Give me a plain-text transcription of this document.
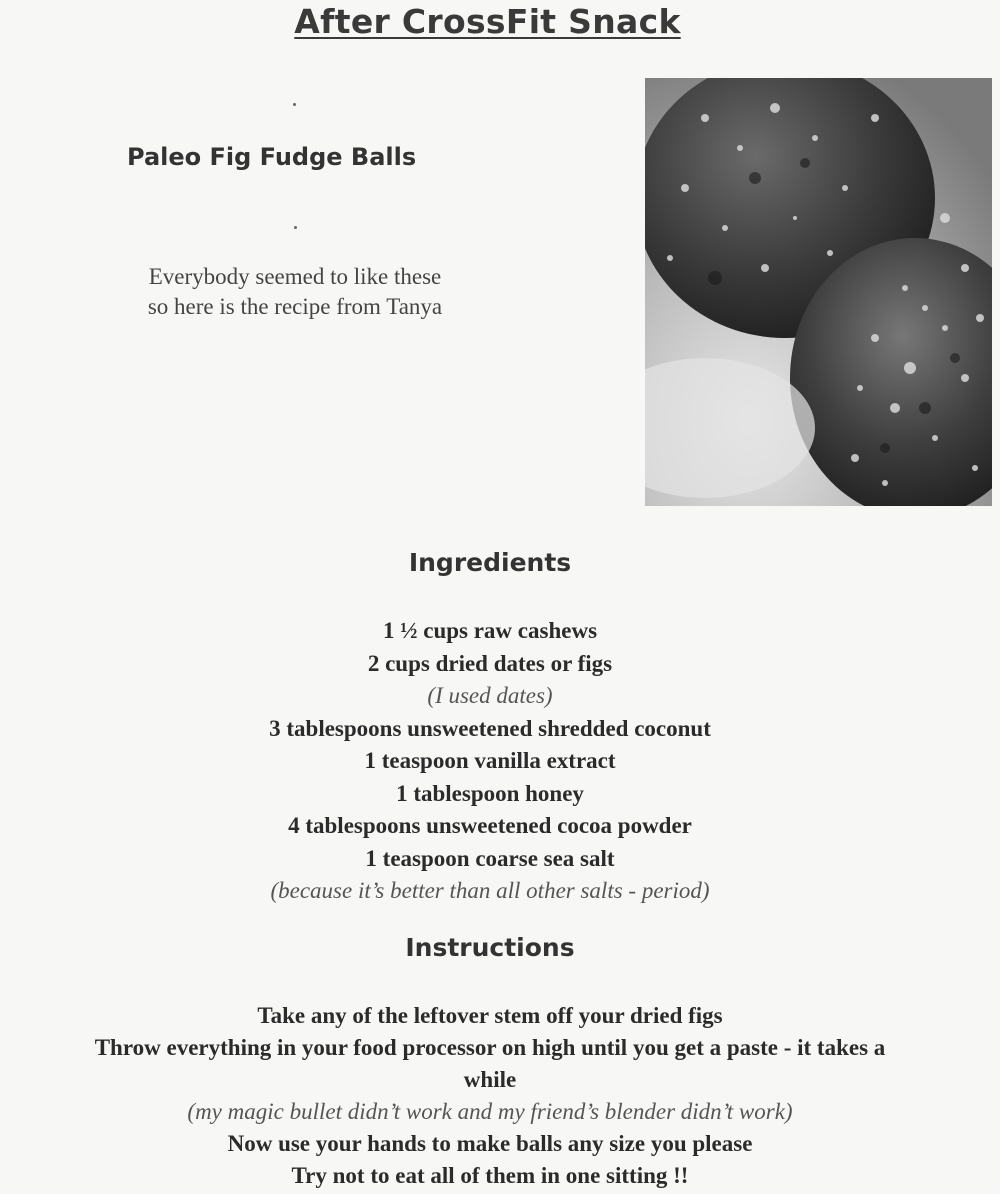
After CrossFit Snack
Paleo Fig Fudge Balls
Everybody seemed to like these
so here is the recipe from Tanya
Ingredients
1 ½ cups raw cashews
2 cups dried dates or figs
(I used dates)
3 tablespoons unsweetened shredded coconut
1 teaspoon vanilla extract
1 tablespoon honey
4 tablespoons unsweetened cocoa powder
1 teaspoon coarse sea salt
(because it’s better than all other salts - period)
Instructions
Take any of the leftover stem off your dried figs
Throw everything in your food processor on high until you get a paste - it takes a
while
(my magic bullet didn’t work and my friend’s blender didn’t work)
Now use your hands to make balls any size you please
Try not to eat all of them in one sitting !!
